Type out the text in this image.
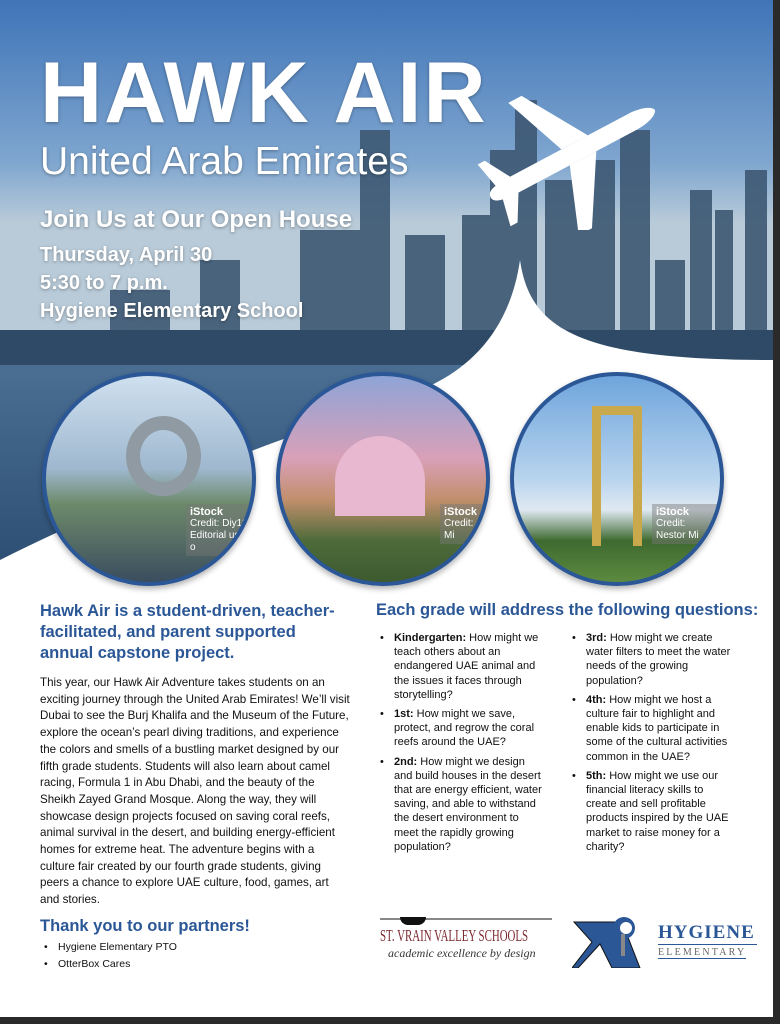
HAWK AIR
United Arab Emirates
Join Us at Our Open House
Thursday, April 30
5:30 to 7 p.m.
Hygiene Elementary School
iStock
Credit: Diy13
Editorial use o
iStock
Credit: Mi
iStock
Credit: Nestor Mi
Hawk Air is a student-driven, teacher-facilitated, and parent supported annual capstone project.

This year, our Hawk Air Adventure takes students on an exciting journey through the United Arab Emirates! We’ll visit Dubai to see the Burj Khalifa and the Museum of the Future, explore the ocean’s pearl diving traditions, and experience the colors and smells of a bustling market designed by our fifth grade students. Students will also learn about camel racing, Formula 1 in Abu Dhabi, and the beauty of the Sheikh Zayed Grand Mosque. Along the way, they will showcase design projects focused on saving coral reefs, animal survival in the desert, and building energy-efficient homes for extreme heat. The adventure begins with a culture fair created by our fourth grade students, giving peers a chance to explore UAE culture, food, games, art and stories.

Thank you to our partners!
• Hygiene Elementary PTO
• OtterBox Cares
Each grade will address the following questions:
• Kindergarten: How might we teach others about an endangered UAE animal and the issues it faces through storytelling?
• 1st: How might we save, protect, and regrow the coral reefs around the UAE?
• 2nd: How might we design and build houses in the desert that are energy efficient, water saving, and able to withstand the desert environment to meet the rapidly growing population?
• 3rd: How might we create water filters to meet the water needs of the growing population?
• 4th: How might we host a culture fair to highlight and enable kids to participate in some of the cultural activities common in the UAE?
• 5th: How might we use our financial literacy skills to create and sell profitable products inspired by the UAE market to raise money for a charity?
ST. VRAIN VALLEY SCHOOLS
academic excellence by design
HYGIENE
ELEMENTARY
